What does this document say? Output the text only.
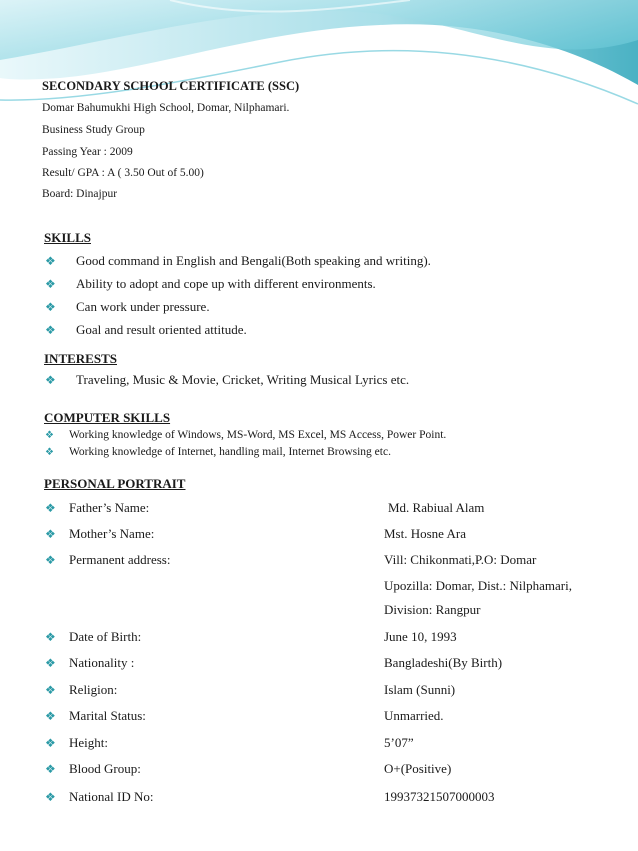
SECONDARY SCHOOL CERTIFICATE (SSC)
Domar Bahumukhi High School, Domar, Nilphamari.
Business Study Group
Passing Year : 2009
Result/ GPA : A ( 3.50 Out of 5.00)
Board: Dinajpur
SKILLS
❖ Good command in English and Bengali(Both speaking and writing).
❖ Ability to adopt and cope up with different environments.
❖ Can work under pressure.
❖ Goal and result oriented attitude.
INTERESTS
❖ Traveling, Music & Movie, Cricket, Writing Musical Lyrics etc.
COMPUTER SKILLS
❖ Working knowledge of Windows, MS-Word, MS Excel, MS Access, Power Point.
❖ Working knowledge of Internet, handling mail, Internet Browsing etc.
PERSONAL PORTRAIT
❖ Father’s Name:	Md. Rabiual Alam
❖ Mother’s Name:	Mst. Hosne Ara
❖ Permanent address:	Vill: Chikonmati,P.O: Domar
Upozilla: Domar, Dist.: Nilphamari,
Division: Rangpur
❖ Date of Birth:	June 10, 1993
❖ Nationality :	Bangladeshi(By Birth)
❖ Religion:	Islam (Sunni)
❖ Marital Status:	Unmarried.
❖ Height:	5’07”
❖ Blood Group:	O+(Positive)
❖ National ID No:	19937321507000003
